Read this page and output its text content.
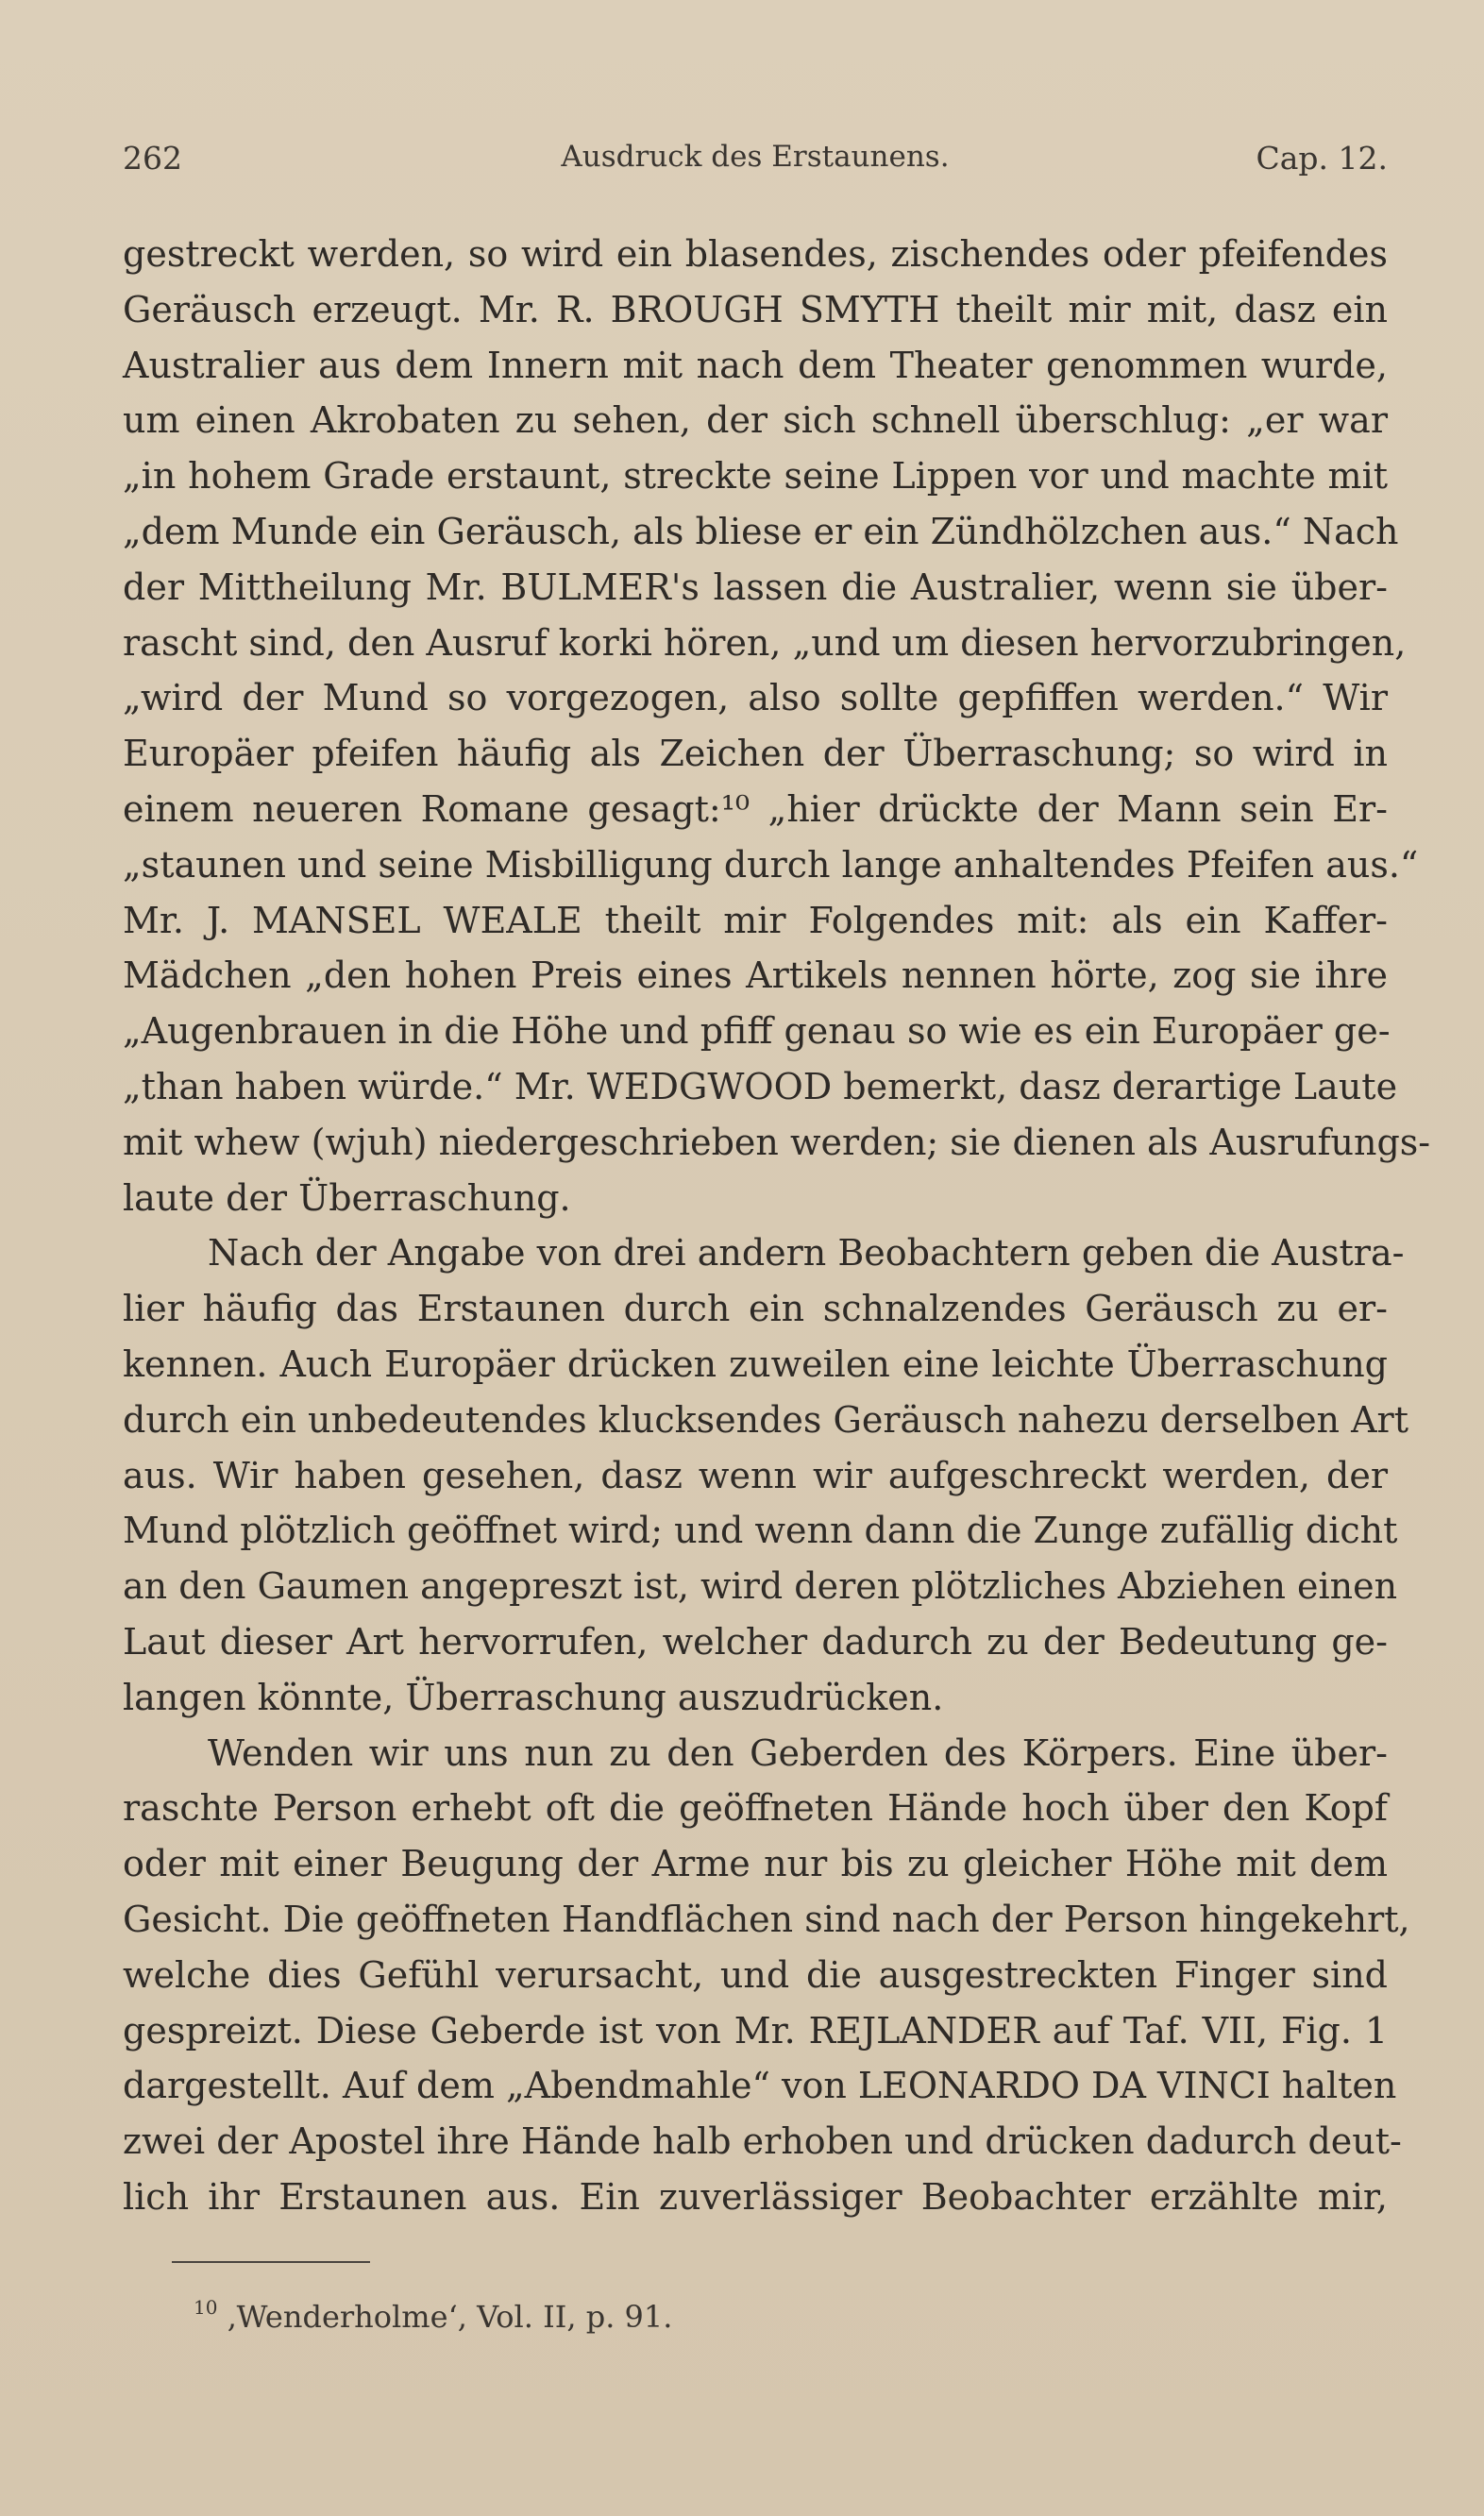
262	Ausdruck des Erstaunens.	Cap. 12.
gestreckt werden, so wird ein blasendes, zischendes oder pfeifendes
Geräusch erzeugt. Mr. R. BROUGH SMYTH theilt mir mit, dasz ein
Australier aus dem Innern mit nach dem Theater genommen wurde,
um einen Akrobaten zu sehen, der sich schnell überschlug: „er war
„in hohem Grade erstaunt, streckte seine Lippen vor und machte mit
„dem Munde ein Geräusch, als bliese er ein Zündhölzchen aus.“ Nach
der Mittheilung Mr. BULMER's lassen die Australier, wenn sie über-
rascht sind, den Ausruf korki hören, „und um diesen hervorzubringen,
„wird der Mund so vorgezogen, also sollte gepfiffen werden.“ Wir
Europäer pfeifen häufig als Zeichen der Überraschung; so wird in
einem neueren Romane gesagt:¹⁰ „hier drückte der Mann sein Er-
„staunen und seine Misbilligung durch lange anhaltendes Pfeifen aus.“
Mr. J. MANSEL WEALE theilt mir Folgendes mit: als ein Kaffer-
Mädchen „den hohen Preis eines Artikels nennen hörte, zog sie ihre
„Augenbrauen in die Höhe und pfiff genau so wie es ein Europäer ge-
„than haben würde.“ Mr. WEDGWOOD bemerkt, dasz derartige Laute
mit whew (wjuh) niedergeschrieben werden; sie dienen als Ausrufungs-
laute der Überraschung.
Nach der Angabe von drei andern Beobachtern geben die Austra-
lier häufig das Erstaunen durch ein schnalzendes Geräusch zu er-
kennen. Auch Europäer drücken zuweilen eine leichte Überraschung
durch ein unbedeutendes klucksendes Geräusch nahezu derselben Art
aus. Wir haben gesehen, dasz wenn wir aufgeschreckt werden, der
Mund plötzlich geöffnet wird; und wenn dann die Zunge zufällig dicht
an den Gaumen angepreszt ist, wird deren plötzliches Abziehen einen
Laut dieser Art hervorrufen, welcher dadurch zu der Bedeutung ge-
langen könnte, Überraschung auszudrücken.
Wenden wir uns nun zu den Geberden des Körpers. Eine über-
raschte Person erhebt oft die geöffneten Hände hoch über den Kopf
oder mit einer Beugung der Arme nur bis zu gleicher Höhe mit dem
Gesicht. Die geöffneten Handflächen sind nach der Person hingekehrt,
welche dies Gefühl verursacht, und die ausgestreckten Finger sind
gespreizt. Diese Geberde ist von Mr. REJLANDER auf Taf. VII, Fig. 1
dargestellt. Auf dem „Abendmahle“ von LEONARDO DA VINCI halten
zwei der Apostel ihre Hände halb erhoben und drücken dadurch deut-
lich ihr Erstaunen aus. Ein zuverlässiger Beobachter erzählte mir,
$^{10}$ ‚Wenderholme‘, Vol. II, p. 91.
